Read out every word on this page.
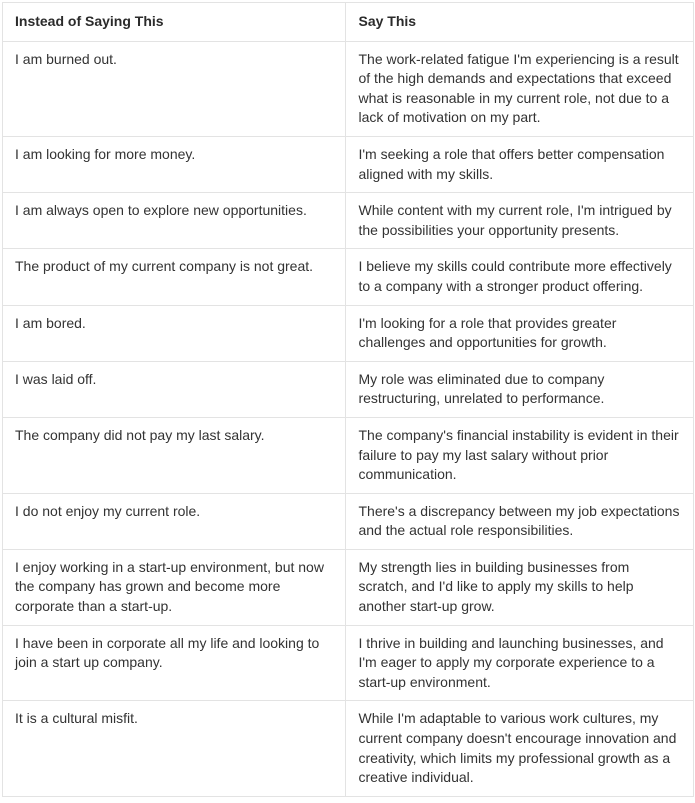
Instead of Saying This	Say This
I am burned out.	The work-related fatigue I'm experiencing is a result of the high demands and expectations that exceed what is reasonable in my current role, not due to a lack of motivation on my part.
I am looking for more money.	I'm seeking a role that offers better compensation aligned with my skills.
I am always open to explore new opportunities.	While content with my current role, I'm intrigued by the possibilities your opportunity presents.
The product of my current company is not great.	I believe my skills could contribute more effectively to a company with a stronger product offering.
I am bored.	I'm looking for a role that provides greater challenges and opportunities for growth.
I was laid off.	My role was eliminated due to company restructuring, unrelated to performance.
The company did not pay my last salary.	The company's financial instability is evident in their failure to pay my last salary without prior communication.
I do not enjoy my current role.	There's a discrepancy between my job expectations and the actual role responsibilities.
I enjoy working in a start-up environment, but now the company has grown and become more corporate than a start-up.	My strength lies in building businesses from scratch, and I'd like to apply my skills to help another start-up grow.
I have been in corporate all my life and looking to join a start up company.	I thrive in building and launching businesses, and I'm eager to apply my corporate experience to a start-up environment.
It is a cultural misfit.	While I'm adaptable to various work cultures, my current company doesn't encourage innovation and creativity, which limits my professional growth as a creative individual.
